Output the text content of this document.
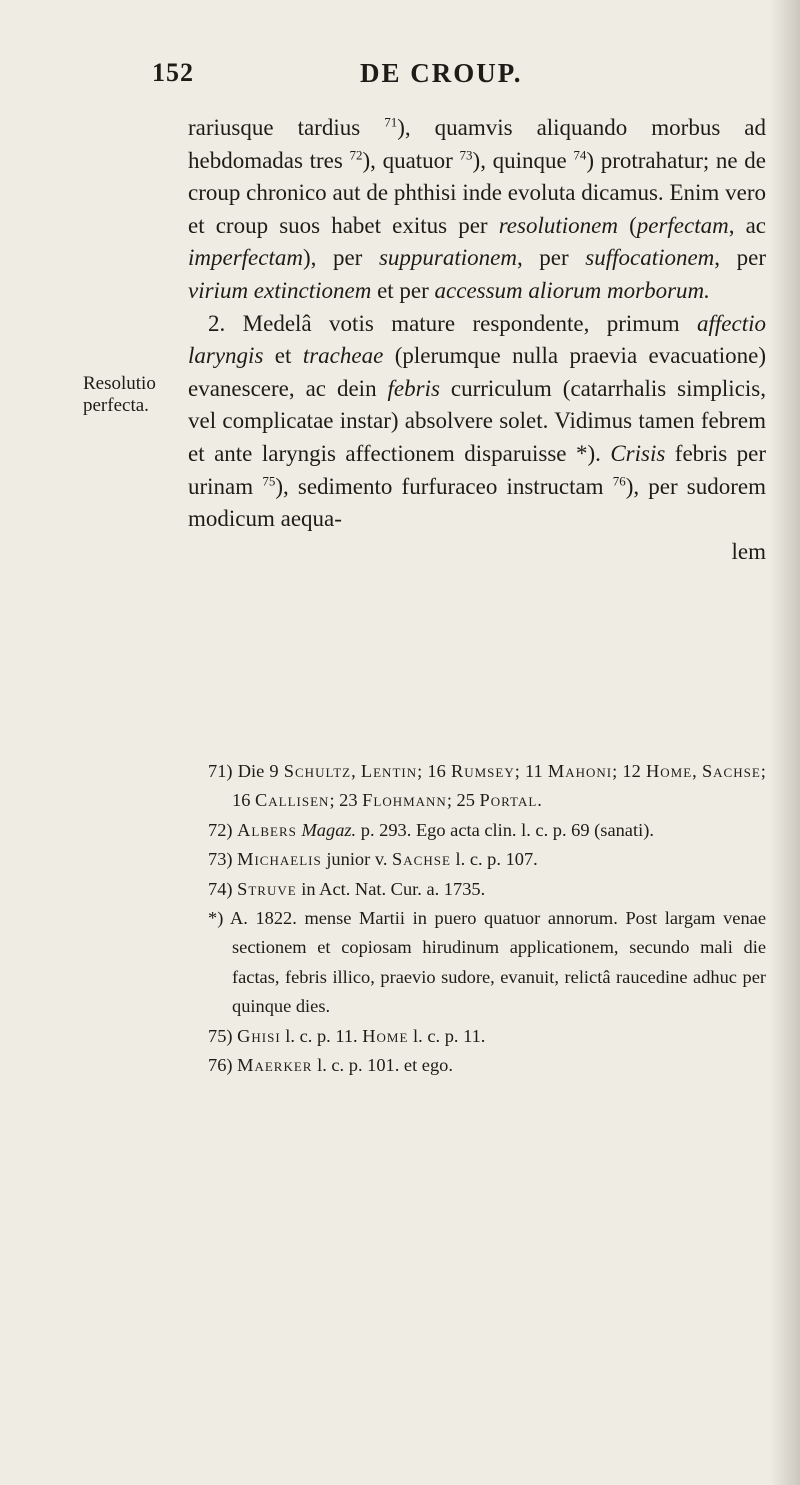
152	DE CROUP.
Resolutio
perfecta.

rariusque tardius $^{71}$), quamvis aliquando morbus ad hebdomadas tres $^{72}$), quatuor $^{73}$), quinque $^{74}$) protrahatur; ne de croup chronico aut de phthisi inde evoluta dicamus. Enim vero et croup suos habet exitus per resolutionem (perfectam, ac imperfectam), per suppurationem, per suffocationem, per virium extinctionem et per accessum aliorum morborum.

2. Medelâ votis mature respondente, primum affectio laryngis et tracheae (plerumque nulla praevia evacuatione) evanescere, ac dein febris curriculum (catarrhalis simplicis, vel complicatae instar) absolvere solet. Vidimus tamen febrem et ante laryngis affectionem disparuisse *). Crisis febris per urinam $^{75}$), sedimento furfuraceo instructam $^{76}$), per sudorem modicum aequa-
lem

71) Die 9 Schultz, Lentin; 16 Rumsey; 11 Mahoni; 12 Home, Sachse; 16 Callisen; 23 Flohmann; 25 Portal.

72) Albers Magaz. p. 293. Ego acta clin. l. c. p. 69 (sanati).

73) Michaelis junior v. Sachse l. c. p. 107.

74) Struve in Act. Nat. Cur. a. 1735.

*) A. 1822. mense Martii in puero quatuor annorum. Post largam venae sectionem et copiosam hirudinum applicationem, secundo mali die factas, febris illico, praevio sudore, evanuit, relictâ raucedine adhuc per quinque dies.

75) Ghisi l. c. p. 11. Home l. c. p. 11.

76) Maerker l. c. p. 101. et ego.
